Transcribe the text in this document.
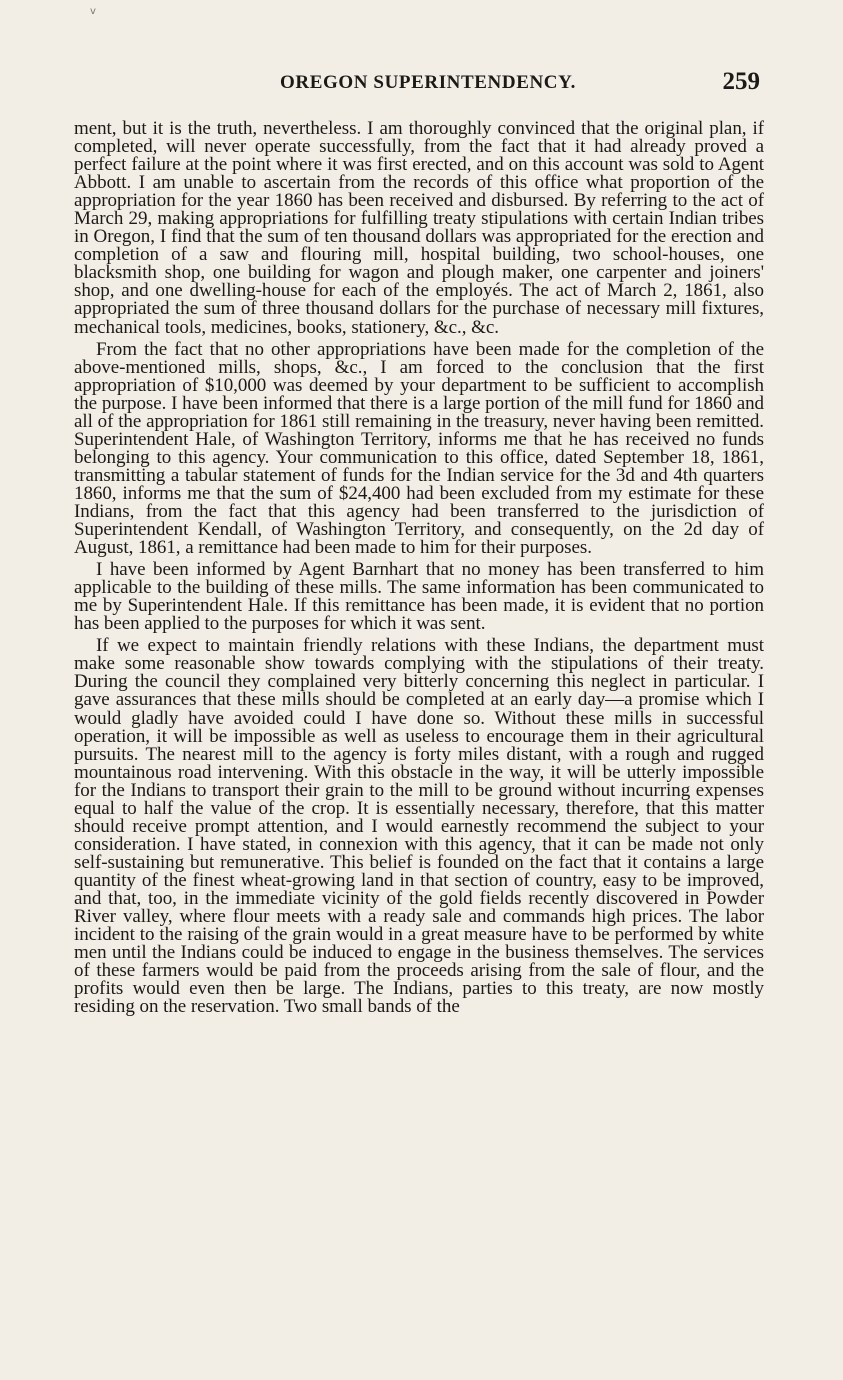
v
OREGON SUPERINTENDENCY.	259

ment, but it is the truth, nevertheless. I am thoroughly convinced that the original plan, if completed, will never operate successfully, from the fact that it had already proved a perfect failure at the point where it was first erected, and on this account was sold to Agent Abbott. I am unable to ascertain from the records of this office what proportion of the appropriation for the year 1860 has been received and disbursed. By referring to the act of March 29, making appropriations for fulfilling treaty stipulations with certain Indian tribes in Oregon, I find that the sum of ten thousand dollars was appropriated for the erection and completion of a saw and flouring mill, hospital building, two school-houses, one blacksmith shop, one building for wagon and plough maker, one carpenter and joiners' shop, and one dwelling-house for each of the employés. The act of March 2, 1861, also appropriated the sum of three thousand dollars for the purchase of necessary mill fixtures, mechanical tools, medicines, books, stationery, &c., &c.

From the fact that no other appropriations have been made for the completion of the above-mentioned mills, shops, &c., I am forced to the conclusion that the first appropriation of $10,000 was deemed by your department to be sufficient to accomplish the purpose. I have been informed that there is a large portion of the mill fund for 1860 and all of the appropriation for 1861 still remaining in the treasury, never having been remitted. Superintendent Hale, of Washington Territory, informs me that he has received no funds belonging to this agency. Your communication to this office, dated September 18, 1861, transmitting a tabular statement of funds for the Indian service for the 3d and 4th quarters 1860, informs me that the sum of $24,400 had been excluded from my estimate for these Indians, from the fact that this agency had been transferred to the jurisdiction of Superintendent Kendall, of Washington Territory, and consequently, on the 2d day of August, 1861, a remittance had been made to him for their purposes.

I have been informed by Agent Barnhart that no money has been transferred to him applicable to the building of these mills. The same information has been communicated to me by Superintendent Hale. If this remittance has been made, it is evident that no portion has been applied to the purposes for which it was sent.

If we expect to maintain friendly relations with these Indians, the department must make some reasonable show towards complying with the stipulations of their treaty. During the council they complained very bitterly concerning this neglect in particular. I gave assurances that these mills should be completed at an early day—a promise which I would gladly have avoided could I have done so. Without these mills in successful operation, it will be impossible as well as useless to encourage them in their agricultural pursuits. The nearest mill to the agency is forty miles distant, with a rough and rugged mountainous road intervening. With this obstacle in the way, it will be utterly impossible for the Indians to transport their grain to the mill to be ground without incurring expenses equal to half the value of the crop. It is essentially necessary, therefore, that this matter should receive prompt attention, and I would earnestly recommend the subject to your consideration. I have stated, in connexion with this agency, that it can be made not only self-sustaining but remunerative. This belief is founded on the fact that it contains a large quantity of the finest wheat-growing land in that section of country, easy to be improved, and that, too, in the immediate vicinity of the gold fields recently discovered in Powder River valley, where flour meets with a ready sale and commands high prices. The labor incident to the raising of the grain would in a great measure have to be performed by white men until the Indians could be induced to engage in the business themselves. The services of these farmers would be paid from the proceeds arising from the sale of flour, and the profits would even then be large. The Indians, parties to this treaty, are now mostly residing on the reservation. Two small bands of the
